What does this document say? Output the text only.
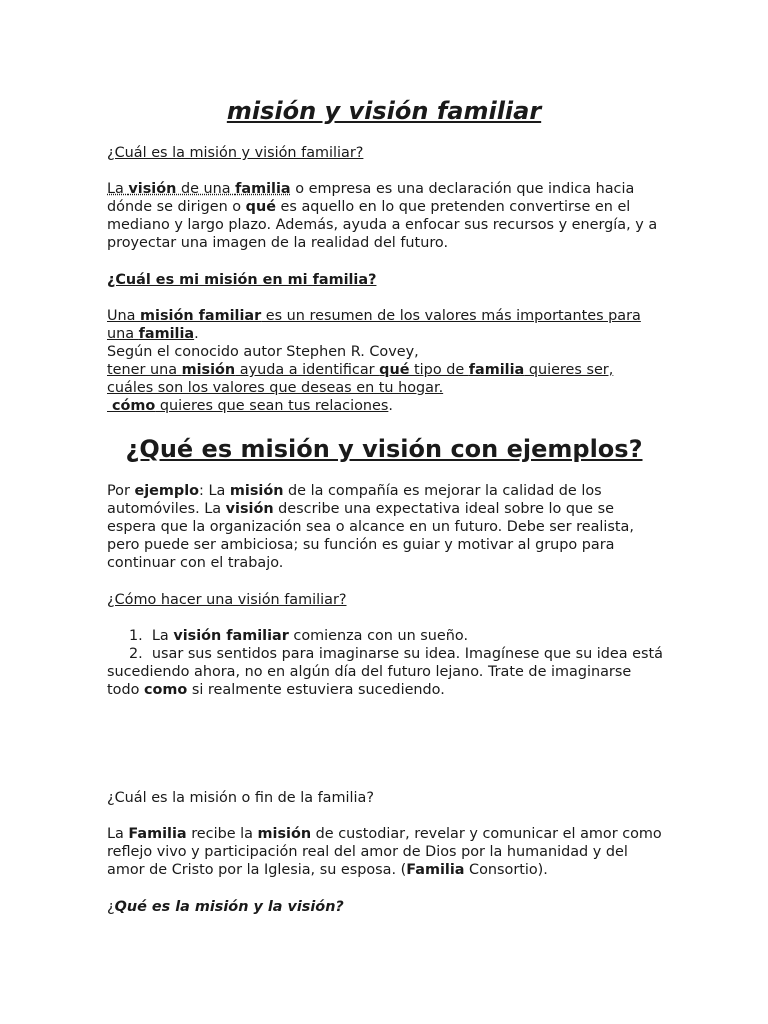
misión y visión familiar

¿Cuál es la misión y visión familiar?

La visión de una familia o empresa es una declaración que indica hacia dónde se dirigen o qué es aquello en lo que pretenden convertirse en el mediano y largo plazo. Además, ayuda a enfocar sus recursos y energía, y a proyectar una imagen de la realidad del futuro.

¿Cuál es mi misión en mi familia?

Una misión familiar es un resumen de los valores más importantes para una familia.
Según el conocido autor Stephen R. Covey,
tener una misión ayuda a identificar qué tipo de familia quieres ser, cuáles son los valores que deseas en tu hogar.
cómo quieres que sean tus relaciones.

¿Qué es misión y visión con ejemplos?

Por ejemplo: La misión de la compañía es mejorar la calidad de los automóviles. La visión describe una expectativa ideal sobre lo que se espera que la organización sea o alcance en un futuro. Debe ser realista, pero puede ser ambiciosa; su función es guiar y motivar al grupo para continuar con el trabajo.

¿Cómo hacer una visión familiar?

1. La visión familiar comienza con un sueño.
2.  usar sus sentidos para imaginarse su idea. Imagínese que su idea está sucediendo ahora, no en algún día del futuro lejano. Trate de imaginarse todo como si realmente estuviera sucediendo.

¿Cuál es la misión o fin de la familia?

La Familia recibe la misión de custodiar, revelar y comunicar el amor como reflejo vivo y participación real del amor de Dios por la humanidad y del amor de Cristo por la Iglesia, su esposa. (Familia Consortio).

¿Qué es la misión y la visión?
